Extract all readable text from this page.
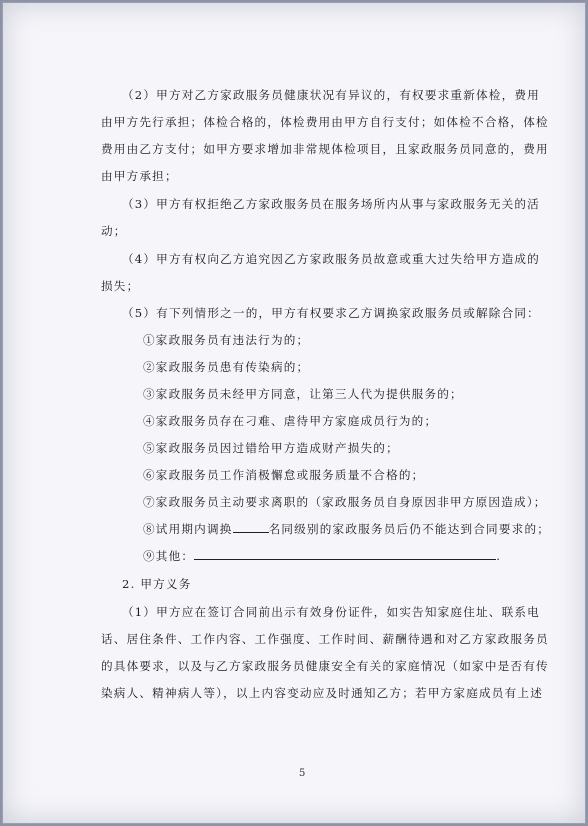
（2）甲方对乙方家政服务员健康状况有异议的，有权要求重新体检，费用
由甲方先行承担；体检合格的，体检费用由甲方自行支付；如体检不合格，体检
费用由乙方支付；如甲方要求增加非常规体检项目，且家政服务员同意的，费用
由甲方承担；
（3）甲方有权拒绝乙方家政服务员在服务场所内从事与家政服务无关的活
动；
（4）甲方有权向乙方追究因乙方家政服务员故意或重大过失给甲方造成的
损失；
（5）有下列情形之一的，甲方有权要求乙方调换家政服务员或解除合同：
①家政服务员有违法行为的；
②家政服务员患有传染病的；
③家政服务员未经甲方同意，让第三人代为提供服务的；
④家政服务员存在刁难、虐待甲方家庭成员行为的；
⑤家政服务员因过错给甲方造成财产损失的；
⑥家政服务员工作消极懈怠或服务质量不合格的；
⑦家政服务员主动要求离职的（家政服务员自身原因非甲方原因造成）；
⑧试用期内调换	名同级别的家政服务员后仍不能达到合同要求的；
⑨其他：	.
2. 甲方义务
（1）甲方应在签订合同前出示有效身份证件，如实告知家庭住址、联系电
话、居住条件、工作内容、工作强度、工作时间、薪酬待遇和对乙方家政服务员
的具体要求，以及与乙方家政服务员健康安全有关的家庭情况（如家中是否有传
染病人、精神病人等），以上内容变动应及时通知乙方；若甲方家庭成员有上述
5
